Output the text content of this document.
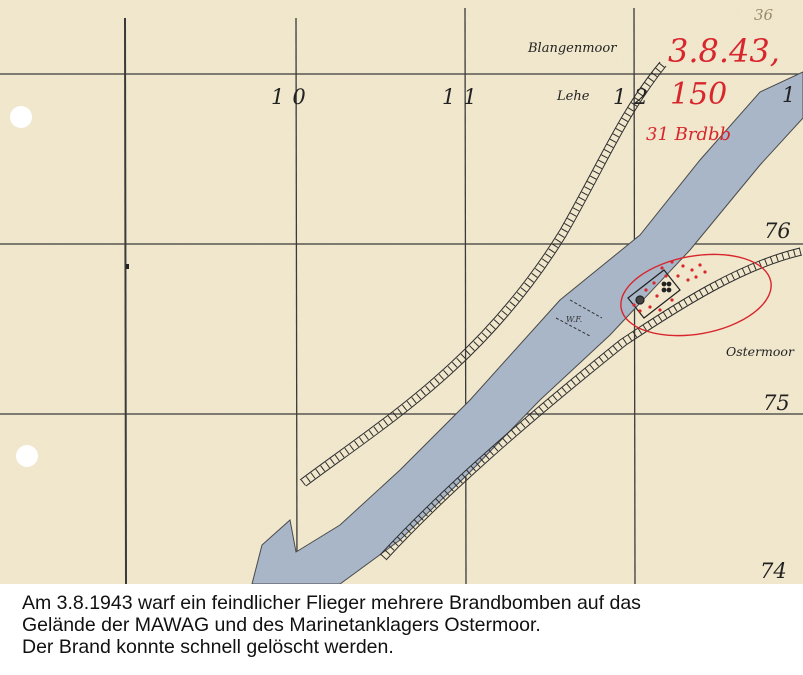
W.F.
36
Blangenmoor
Lehe
Ostermoor
10	11	12	1
76
75
74
3.8.43,
150
31 Brdbb
Am 3.8.1943 warf ein feindlicher Flieger mehrere Brandbomben auf das
Gelände der MAWAG und des Marinetanklagers Ostermoor.
Der Brand konnte schnell gelöscht werden.
